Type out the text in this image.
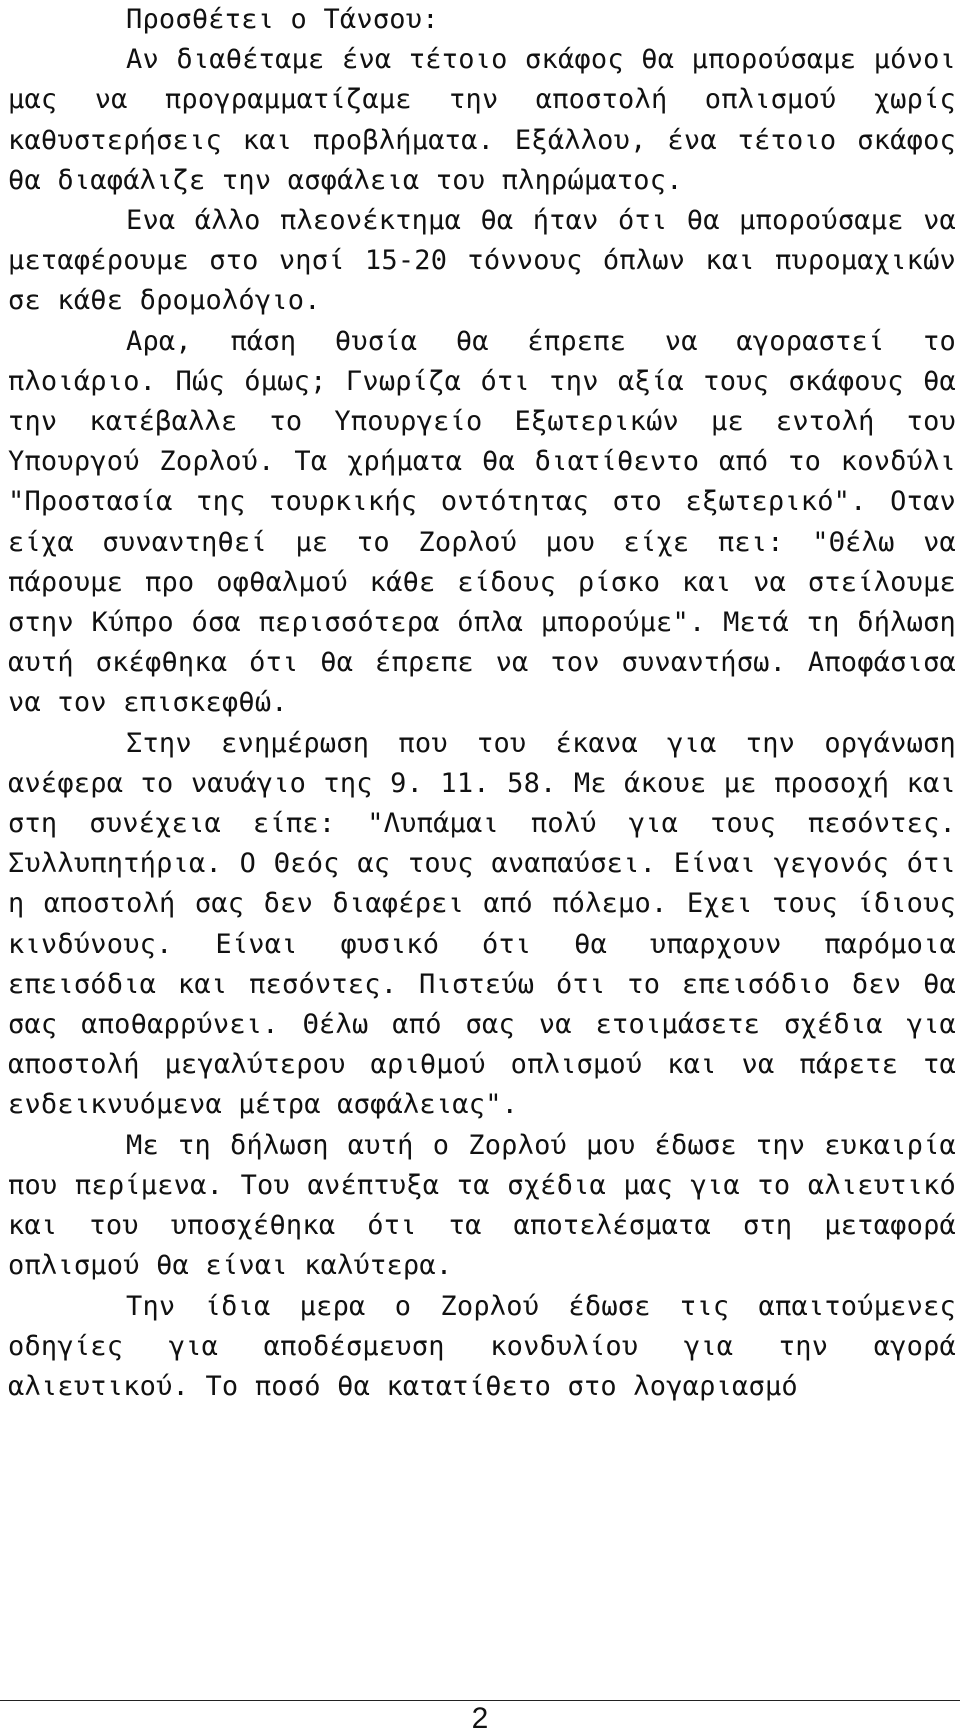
Προσθέτει ο Τάνσου:

Αν διαθέταμε ένα τέτοιο σκάφος θα μπορούσαμε μόνοι μας να προγραμματίζαμε την αποστολή οπλισμού χωρίς καθυστερήσεις και προβλήματα. Εξάλλου, ένα τέτοιο σκάφος θα διαφάλιζε την ασφάλεια του πληρώματος.

Ενα άλλο πλεονέκτημα θα ήταν ότι θα μπορούσαμε να μεταφέρουμε στο νησί 15-20 τόννους όπλων και πυρομαχικών σε κάθε δρομολόγιο.

Αρα, πάση θυσία θα έπρεπε να αγοραστεί το πλοιάριο. Πώς όμως; Γνωρίζα ότι την αξία τους σκάφους θα την κατέβαλλε το Υπουργείο Εξωτερικών με εντολή του Υπουργού Ζορλού. Τα χρήματα θα διατίθεντο από το κονδύλι "Προστασία της τουρκικής οντότητας στο εξωτερικό". Οταν είχα συναντηθεί με το Ζορλού μου είχε πει: "Θέλω να πάρουμε προ οφθαλμού κάθε είδους ρίσκο και να στείλουμε στην Κύπρο όσα περισσότερα όπλα μπορούμε". Μετά τη δήλωση αυτή σκέφθηκα ότι θα έπρεπε να τον συναντήσω. Αποφάσισα να τον επισκεφθώ.

Στην ενημέρωση που του έκανα για την οργάνωση ανέφερα το ναυάγιο της 9. 11. 58. Με άκουε με προσοχή και στη συνέχεια είπε: "Λυπάμαι πολύ για τους πεσόντες. Συλλυπητήρια. Ο Θεός ας τους αναπαύσει. Είναι γεγονός ότι η αποστολή σας δεν διαφέρει από πόλεμο. Εχει τους ίδιους κινδύνους. Είναι φυσικό ότι θα υπαρχουν παρόμοια επεισόδια και πεσόντες. Πιστεύω ότι το επεισόδιο δεν θα σας αποθαρρύνει. Θέλω από σας να ετοιμάσετε σχέδια για αποστολή μεγαλύτερου αριθμού οπλισμού και να πάρετε τα ενδεικνυόμενα μέτρα ασφάλειας".

Με τη δήλωση αυτή ο Ζορλού μου έδωσε την ευκαιρία που περίμενα. Του ανέπτυξα τα σχέδια μας για το αλιευτικό και του υποσχέθηκα ότι τα αποτελέσματα στη μεταφορά οπλισμού θα είναι καλύτερα.

Την ίδια μερα ο Ζορλού έδωσε τις απαιτούμενες οδηγίες για αποδέσμευση κονδυλίου για την αγορά αλιευτικού. Το ποσό θα κατατίθετο στο λογαριασμό

2
